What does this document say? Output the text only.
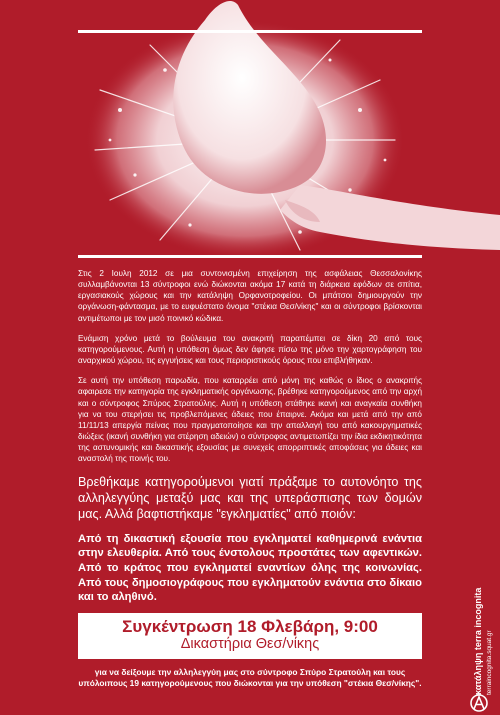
Στις 2 Ιουλη 2012 σε μια συντονισμένη επιχείρηση της ασφάλειας Θεσσαλονίκης συλλαμβάνονται 13 σύντροφοι ενώ διώκονται ακόμα 17 κατά τη διάρκεια εφόδων σε σπίτια, εργασιακούς χώρους και την κατάληψη Ορφανοτροφείου. Οι μπάτσοι δημιουργούν την οργάνωση-φάντασμα, με το ευφυέστατο όνομα "στέκια Θεσ/νίκης" και οι σύντροφοι βρίσκονται αντιμέτωποι με τον μισό ποινικό κώδικα.

Ενάμιση χρόνο μετά το βούλευμα του ανακριτή παραπέμπει σε δίκη 20 από τους κατηγορούμενους. Αυτή η υπόθεση όμως δεν άφησε πίσω της μόνο την χαρτογράφηση του αναρχικού χώρου, τις εγγυήσεις και τους περιοριστικούς όρους που επιβλήθηκαν.

Σε αυτή την υπόθεση παρωδία, που καταρρέει από μόνη της καθώς ο ίδιος ο ανακριτής αφαιρεσε την κατηγορία της εγκληματικής οργάνωσης, βρέθηκε κατηγορούμενος από την αρχή και ο σύντροφος Σπύρος Στρατούλης. Αυτή η υπόθεση στάθηκε ικανή και αναγκαία συνθήκη για να του στερήσει τις προβλεπόμενες άδειες που έπαιρνε. Ακόμα και μετά από την από 11/11/13 απεργία πείνας που πραγματοποίησε και την απαλλαγή του από κακουργηματικές διώξεις (ικανή συνθήκη για στέρηση αδειών) ο σύντροφος αντιμετωπίζει την ίδια εκδικητικότητα της αστυνομικής και δικαστικής εξουσίας με συνεχείς απορριπτικές αποφάσεις για άδειες και αναστολή της ποινής του.

Βρεθήκαμε κατηγορούμενοι γιατί πράξαμε το αυτονόητο της αλληλεγγύης μεταξύ μας και της υπεράσπισης των δομών μας. Αλλά βαφτιστήκαμε "εγκληματίες" από ποιόν:

Από τη δικαστική εξουσία που εγκληματεί καθημερινά ενάντια στην ελευθερία. Από τους ένστολους προστάτες των αφεντικών. Από το κράτος που εγκληματεί εναντίων όλης της κοινωνίας. Από τους δημοσιογράφους που εγκληματούν ενάντια στο δίκαιο και το αληθινό.

Συγκέντρωση 18 Φλεβάρη, 9:00
Δικαστήρια Θεσ/νίκης

για να δείξουμε την αλληλεγγύη μας στο σύντροφο Σπύρο Στρατούλη και τους υπόλοιπους 19 κατηγορούμενους που διώκονται για την υπόθεση "στέκια Θεσ/νίκης".	κατάληψη terra incognita terraincognita.squat.gr
